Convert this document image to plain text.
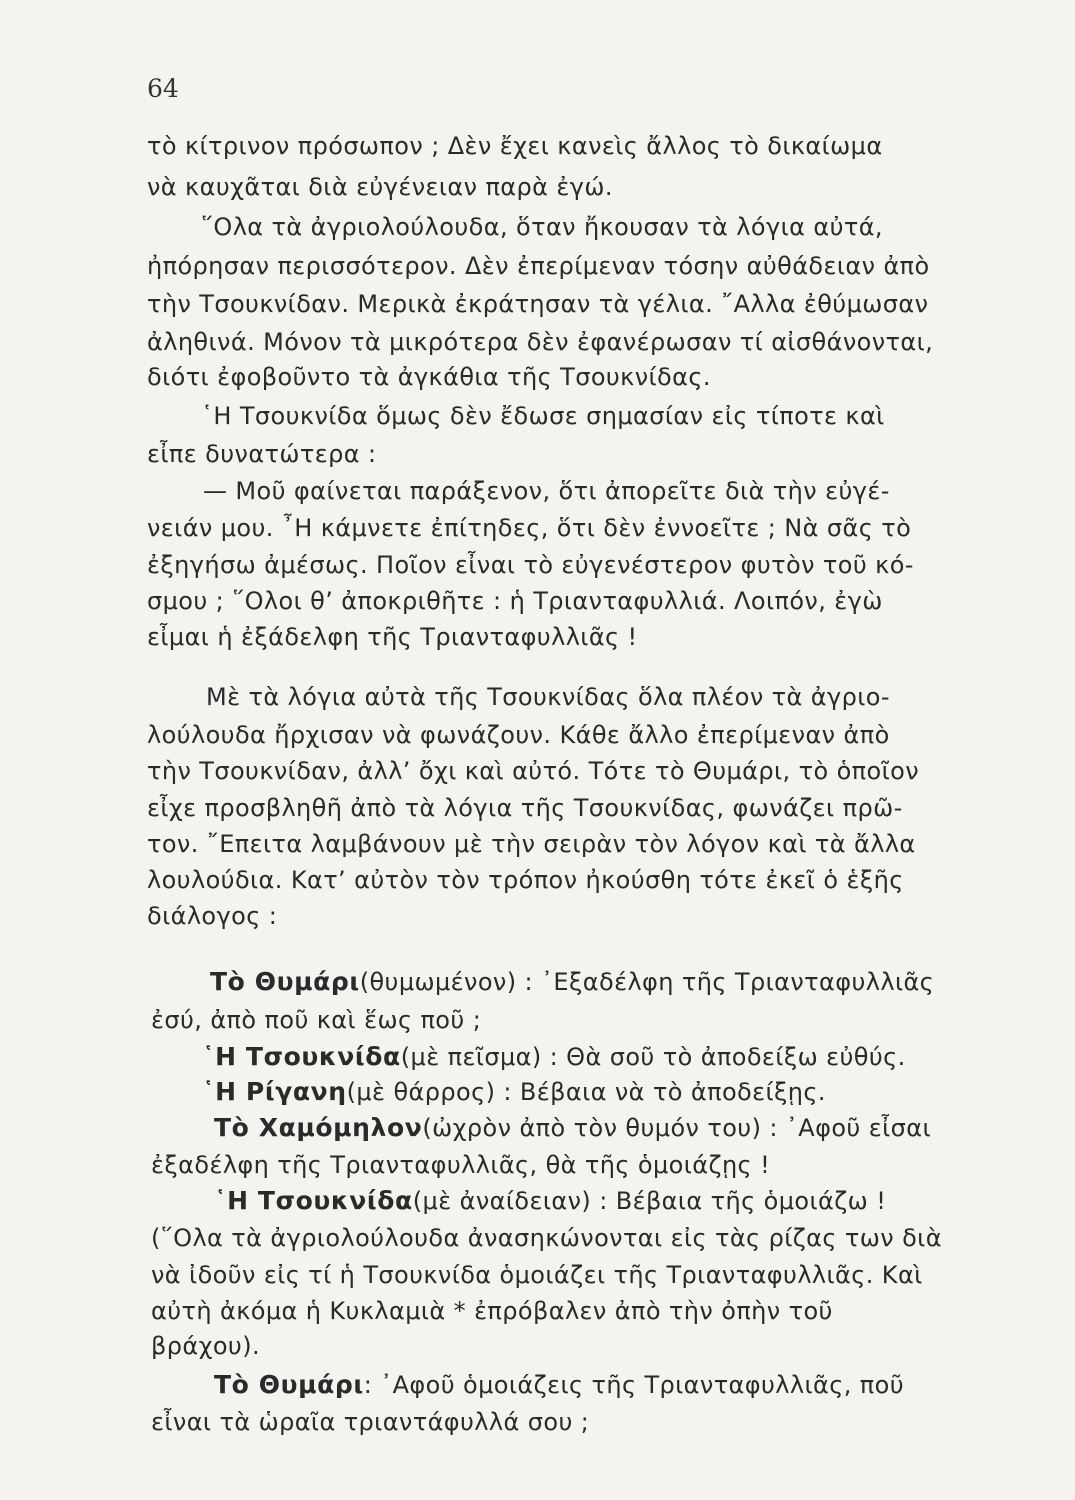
64
τὸ κίτρινον πρόσωπον ; Δὲν ἔχει κανεὶς ἄλλος τὸ δικαίωμα
νὰ καυχᾶται διὰ εὐγένειαν παρὰ ἐγώ.
῞Ολα τὰ ἀγριολούλουδα, ὅταν ἤκουσαν τὰ λόγια αὐτά,
ἠπόρησαν περισσότερον. Δὲν ἐπερίμεναν τόσην αὐθάδειαν ἀπὸ
τὴν Τσουκνίδαν. Μερικὰ ἐκράτησαν τὰ γέλια. ῎Αλλα ἐθύμωσαν
ἀληθινά. Μόνον τὰ μικρότερα δὲν ἐφανέρωσαν τί αἰσθάνονται,
διότι ἐφοβοῦντο τὰ ἀγκάθια τῆς Τσουκνίδας.
῾Η Τσουκνίδα ὅμως δὲν ἔδωσε σημασίαν εἰς τίποτε καὶ
εἶπε δυνατώτερα :
— Μοῦ φαίνεται παράξενον, ὅτι ἀπορεῖτε διὰ τὴν εὐγέ-
νειάν μου. ῏Η κάμνετε ἐπίτηδες, ὅτι δὲν ἐννοεῖτε ; Νὰ σᾶς τὸ
ἐξηγήσω ἀμέσως. Ποῖον εἶναι τὸ εὐγενέστερον φυτὸν τοῦ κό-
σμου ; ῞Ολοι θ’ ἀποκριθῆτε : ἡ Τριανταφυλλιά. Λοιπόν, ἐγὼ
εἶμαι ἡ ἐξάδελφη τῆς Τριανταφυλλιᾶς !
Μὲ τὰ λόγια αὐτὰ τῆς Τσουκνίδας ὅλα πλέον τὰ ἀγριο-
λούλουδα ἤρχισαν νὰ φωνάζουν. Κάθε ἄλλο ἐπερίμεναν ἀπὸ
τὴν Τσουκνίδαν, ἀλλ’ ὄχι καὶ αὐτό. Τότε τὸ Θυμάρι, τὸ ὁποῖον
εἶχε προσβληθῆ ἀπὸ τὰ λόγια τῆς Τσουκνίδας, φωνάζει πρῶ-
τον. ῎Επειτα λαμβάνουν μὲ τὴν σειρὰν τὸν λόγον καὶ τὰ ἄλλα
λουλούδια. Κατ’ αὐτὸν τὸν τρόπον ἠκούσθη τότε ἐκεῖ ὁ ἑξῆς
διάλογος :
Τὸ Θυμάρι(θυμωμένον) : ᾿Εξαδέλφη τῆς Τριανταφυλλιᾶς
ἐσύ, ἀπὸ ποῦ καὶ ἕως ποῦ ;
῾Η Τσουκνίδα(μὲ πεῖσμα) : Θὰ σοῦ τὸ ἀποδείξω εὐθύς.
῾Η Ρίγανη(μὲ θάρρος) : Βέβαια νὰ τὸ ἀποδείξῃς.
Τὸ Χαμόμηλον(ὠχρὸν ἀπὸ τὸν θυμόν του) : ᾿Αφοῦ εἶσαι
ἐξαδέλφη τῆς Τριανταφυλλιᾶς, θὰ τῆς ὁμοιάζῃς !
῾Η Τσουκνίδα(μὲ ἀναίδειαν) : Βέβαια τῆς ὁμοιάζω !
(῞Ολα τὰ ἀγριολούλουδα ἀνασηκώνονται εἰς τὰς ρίζας των διὰ
νὰ ἰδοῦν εἰς τί ἡ Τσουκνίδα ὁμοιάζει τῆς Τριανταφυλλιᾶς. Καὶ
αὐτὴ ἀκόμα ἡ Κυκλαμιὰ * ἐπρόβαλεν ἀπὸ τὴν ὀπὴν τοῦ
βράχου).
Τὸ Θυμάρι: ᾿Αφοῦ ὁμοιάζεις τῆς Τριανταφυλλιᾶς, ποῦ
εἶναι τὰ ὡραῖα τριαντάφυλλά σου ;
